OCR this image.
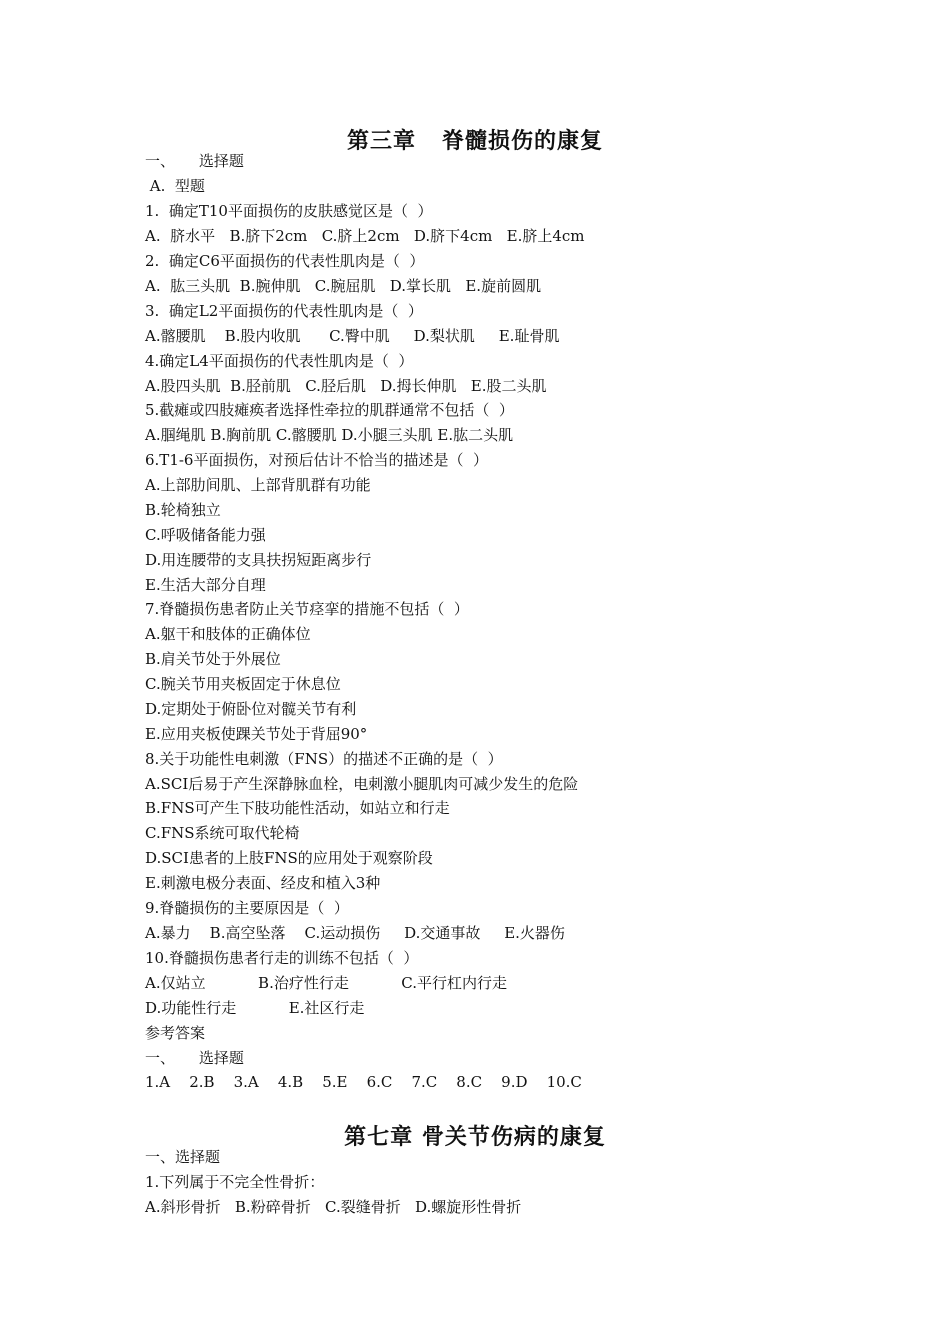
第三章   脊髓损伤的康复
一、     选择题
A.  型题
1.  确定T10平面损伤的皮肤感觉区是（  ）
A.  脐水平   B.脐下2cm   C.脐上2cm   D.脐下4cm   E.脐上4cm
2.  确定C6平面损伤的代表性肌肉是（  ）
A.  肱三头肌  B.腕伸肌   C.腕屈肌   D.掌长肌   E.旋前圆肌
3.  确定L2平面损伤的代表性肌肉是（  ）
A.髂腰肌    B.股内收肌      C.臀中肌     D.梨状肌     E.耻骨肌
4.确定L4平面损伤的代表性肌肉是（  ）
A.股四头肌  B.胫前肌   C.胫后肌   D.拇长伸肌   E.股二头肌
5.截瘫或四肢瘫痪者选择性牵拉的肌群通常不包括（  ）
A.腘绳肌 B.胸前肌 C.髂腰肌 D.小腿三头肌 E.肱二头肌
6.T1-6平面损伤，对预后估计不恰当的描述是（  ）
A.上部肋间肌、上部背肌群有功能
B.轮椅独立
C.呼吸储备能力强
D.用连腰带的支具扶拐短距离步行
E.生活大部分自理
7.脊髓损伤患者防止关节痉挛的措施不包括（  ）
A.躯干和肢体的正确体位
B.肩关节处于外展位
C.腕关节用夹板固定于休息位
D.定期处于俯卧位对髋关节有利
E.应用夹板使踝关节处于背屈90°
8.关于功能性电刺激（FNS）的描述不正确的是（  ）
A.SCI后易于产生深静脉血栓，电刺激小腿肌肉可减少发生的危险
B.FNS可产生下肢功能性活动，如站立和行走
C.FNS系统可取代轮椅
D.SCI患者的上肢FNS的应用处于观察阶段
E.刺激电极分表面、经皮和植入3种
9.脊髓损伤的主要原因是（  ）
A.暴力    B.高空坠落    C.运动损伤     D.交通事故     E.火器伤
10.脊髓损伤患者行走的训练不包括（  ）
A.仅站立           B.治疗性行走           C.平行杠内行走
D.功能性行走           E.社区行走
参考答案
一、     选择题
1.A    2.B    3.A    4.B    5.E    6.C    7.C    8.C    9.D    10.C
第七章 骨关节伤病的康复
一、选择题
1.下列属于不完全性骨折：
A.斜形骨折   B.粉碎骨折   C.裂缝骨折   D.螺旋形性骨折
